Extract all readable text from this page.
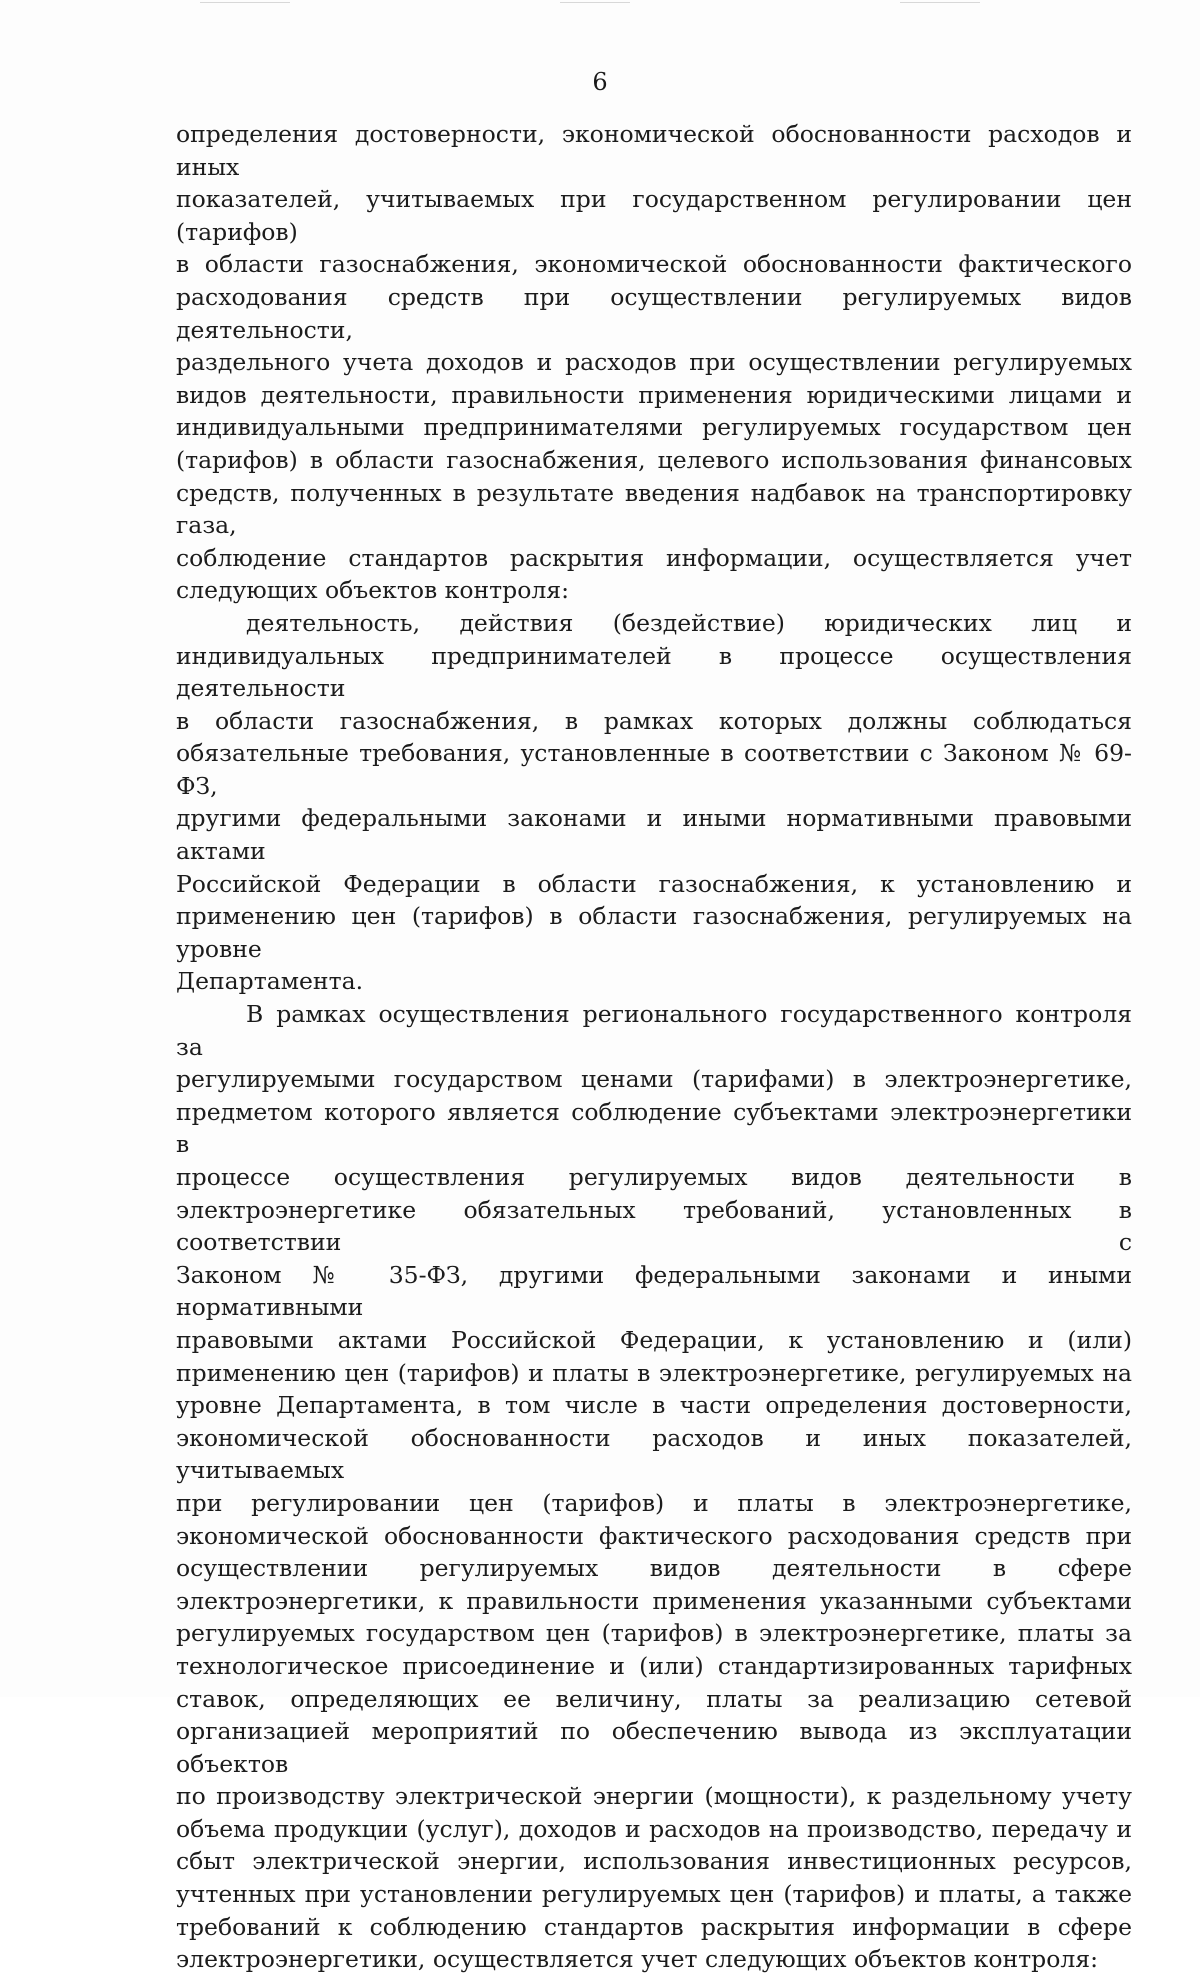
6
определения достоверности, экономической обоснованности расходов и иных
показателей, учитываемых при государственном регулировании цен (тарифов)
в области газоснабжения, экономической обоснованности фактического
расходования средств при осуществлении регулируемых видов деятельности,
раздельного учета доходов и расходов при осуществлении регулируемых
видов деятельности, правильности применения юридическими лицами и
индивидуальными предпринимателями регулируемых государством цен
(тарифов) в области газоснабжения, целевого использования финансовых
средств, полученных в результате введения надбавок на транспортировку газа,
соблюдение стандартов раскрытия информации, осуществляется учет
следующих объектов контроля:
деятельность, действия (бездействие) юридических лиц и
индивидуальных предпринимателей в процессе осуществления деятельности
в области газоснабжения, в рамках которых должны соблюдаться
обязательные требования, установленные в соответствии с Законом № 69-ФЗ,
другими федеральными законами и иными нормативными правовыми актами
Российской Федерации в области газоснабжения, к установлению и
применению цен (тарифов) в области газоснабжения, регулируемых на уровне
Департамента.
В рамках осуществления регионального государственного контроля за
регулируемыми государством ценами (тарифами) в электроэнергетике,
предметом которого является соблюдение субъектами электроэнергетики в
процессе осуществления регулируемых видов деятельности в
электроэнергетике обязательных требований, установленных в соответствии с
Законом № 35-ФЗ, другими федеральными законами и иными нормативными
правовыми актами Российской Федерации, к установлению и (или)
применению цен (тарифов) и платы в электроэнергетике, регулируемых на
уровне Департамента, в том числе в части определения достоверности,
экономической обоснованности расходов и иных показателей, учитываемых
при регулировании цен (тарифов) и платы в электроэнергетике,
экономической обоснованности фактического расходования средств при
осуществлении регулируемых видов деятельности в сфере
электроэнергетики, к правильности применения указанными субъектами
регулируемых государством цен (тарифов) в электроэнергетике, платы за
технологическое присоединение и (или) стандартизированных тарифных
ставок, определяющих ее величину, платы за реализацию сетевой
организацией мероприятий по обеспечению вывода из эксплуатации объектов
по производству электрической энергии (мощности), к раздельному учету
объема продукции (услуг), доходов и расходов на производство, передачу и
сбыт электрической энергии, использования инвестиционных ресурсов,
учтенных при установлении регулируемых цен (тарифов) и платы, а также
требований к соблюдению стандартов раскрытия информации в сфере
электроэнергетики, осуществляется учет следующих объектов контроля:
